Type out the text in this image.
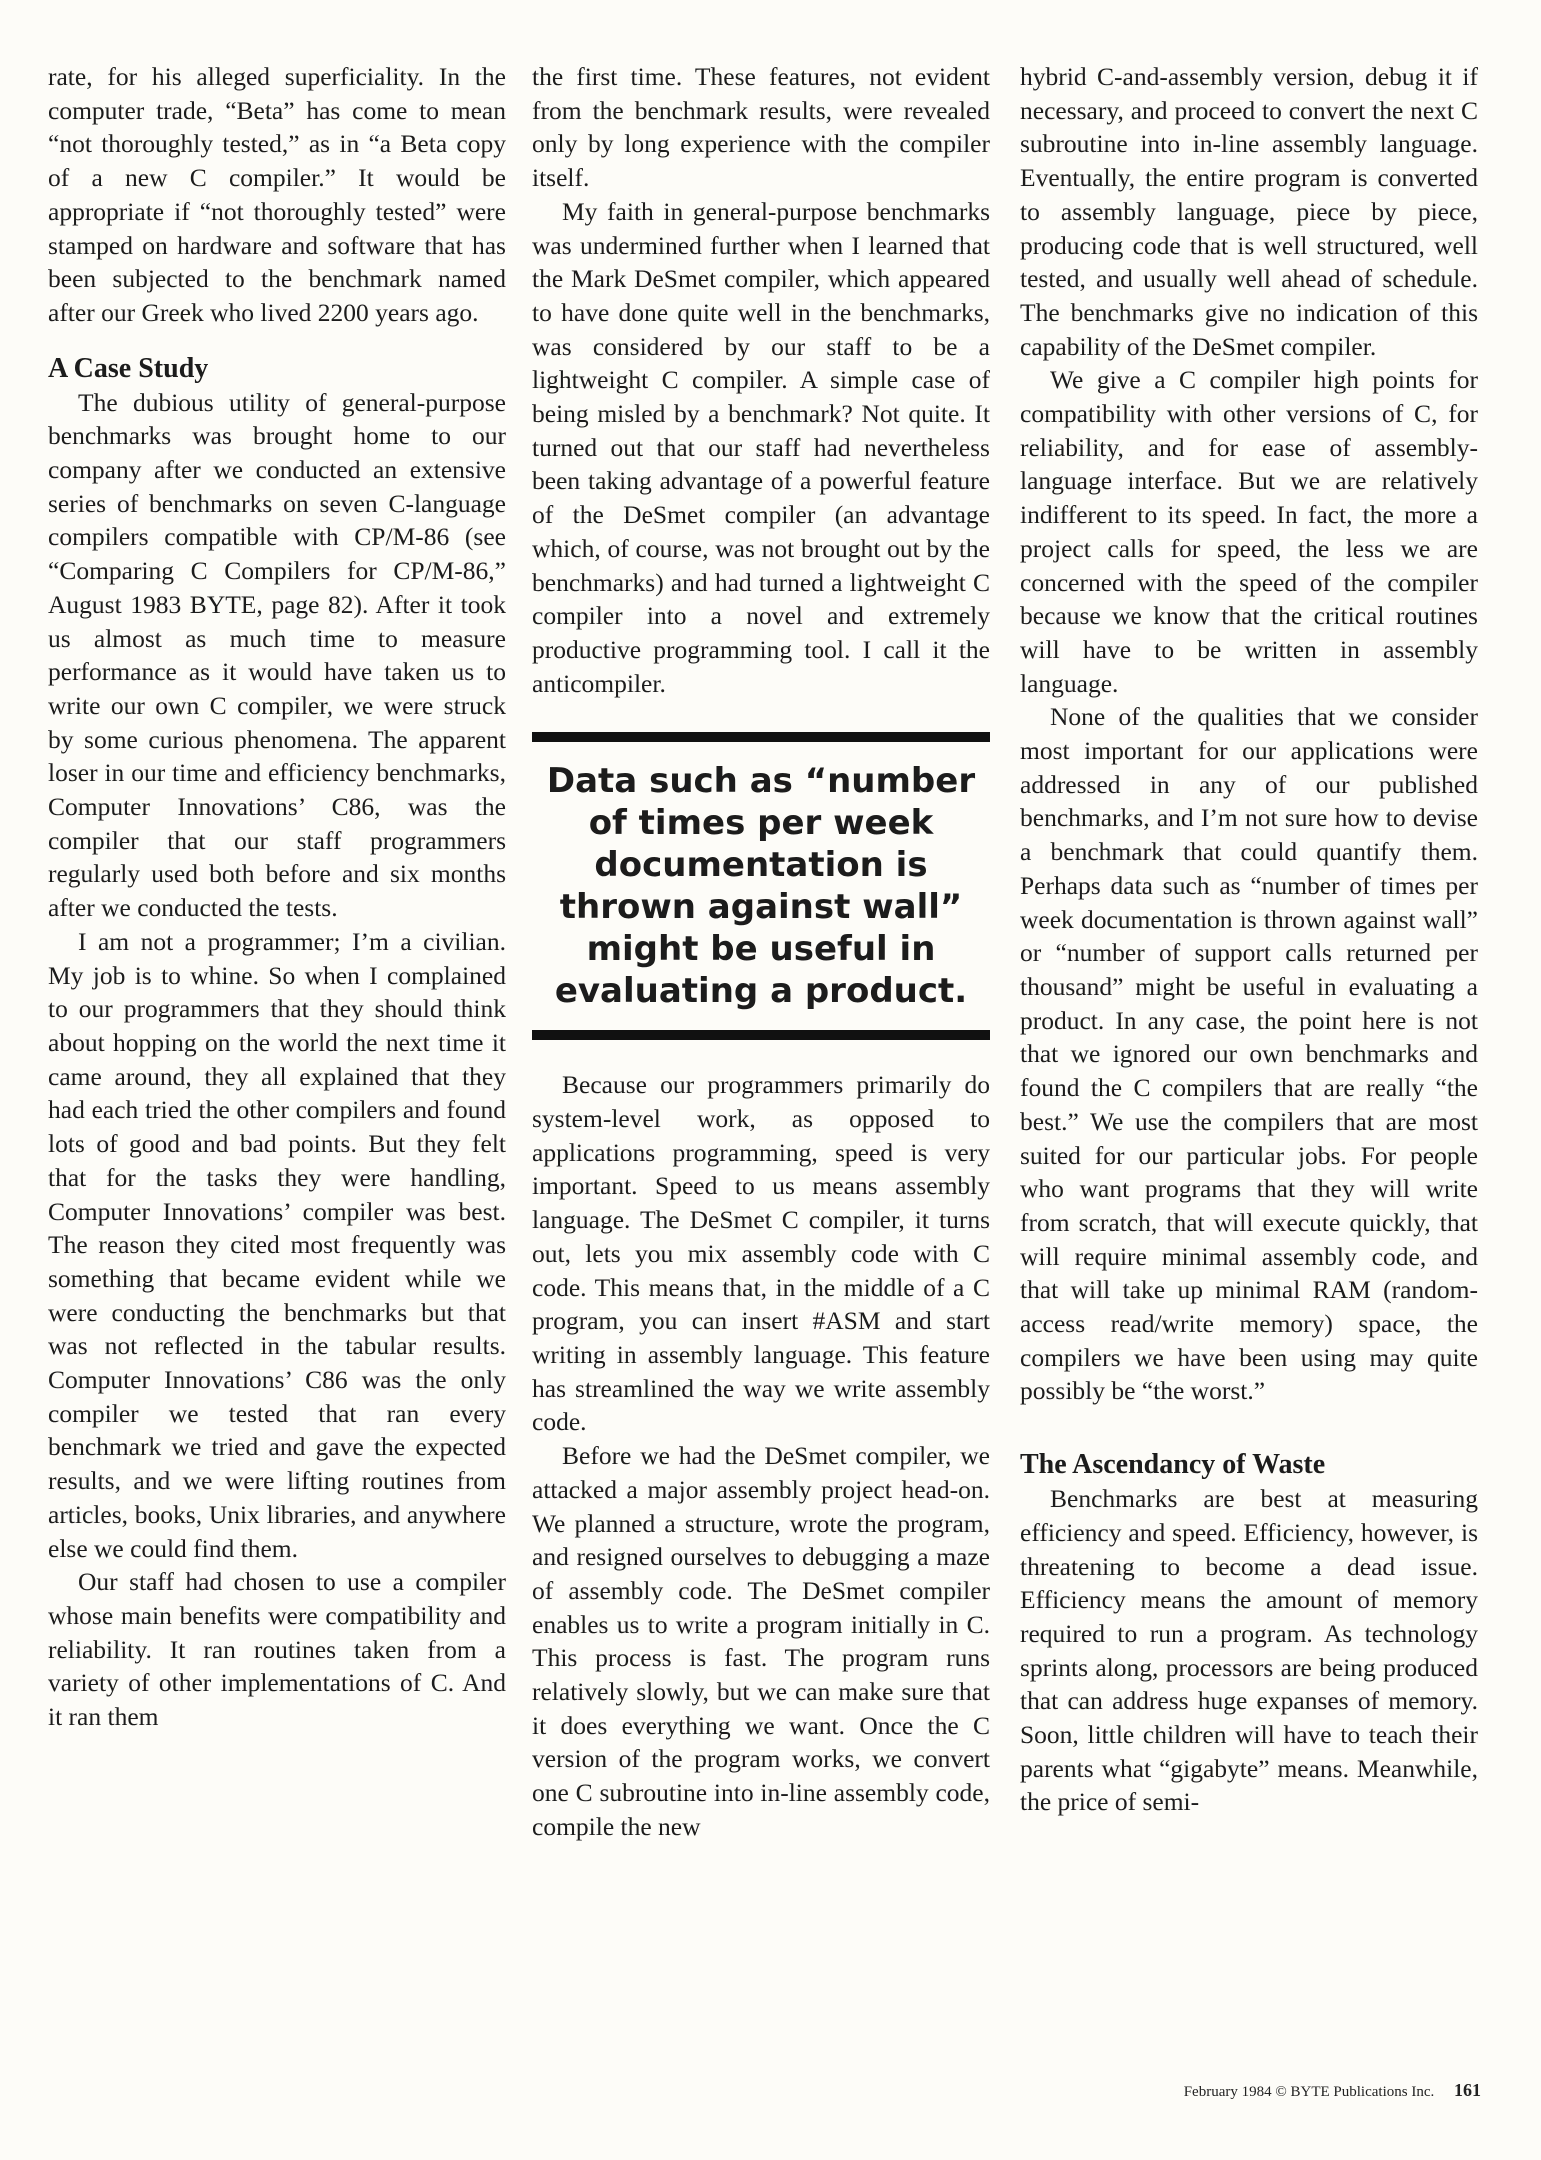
rate, for his alleged superficiality. In the computer trade, “Beta” has come to mean “not thoroughly tested,” as in “a Beta copy of a new C compiler.” It would be appropriate if “not thoroughly tested” were stamped on hardware and software that has been subjected to the benchmark named after our Greek who lived 2200 years ago.

A Case Study

The dubious utility of general-purpose benchmarks was brought home to our company after we conducted an extensive series of benchmarks on seven C-language compilers compatible with CP/M-86 (see “Comparing C Compilers for CP/M-86,” August 1983 BYTE, page 82). After it took us almost as much time to measure performance as it would have taken us to write our own C compiler, we were struck by some curious phenomena. The apparent loser in our time and efficiency benchmarks, Computer Innovations’ C86, was the compiler that our staff programmers regularly used both before and six months after we conducted the tests.

I am not a programmer; I’m a civilian. My job is to whine. So when I complained to our programmers that they should think about hopping on the world the next time it came around, they all explained that they had each tried the other compilers and found lots of good and bad points. But they felt that for the tasks they were handling, Computer Innovations’ compiler was best. The reason they cited most frequently was something that became evident while we were conducting the benchmarks but that was not reflected in the tabular results. Computer Innovations’ C86 was the only compiler we tested that ran every benchmark we tried and gave the expected results, and we were lifting routines from articles, books, Unix libraries, and anywhere else we could find them.

Our staff had chosen to use a compiler whose main benefits were compatibility and reliability. It ran routines taken from a variety of other implementations of C. And it ran them

the first time. These features, not evident from the benchmark results, were revealed only by long experience with the compiler itself.

My faith in general-purpose benchmarks was undermined further when I learned that the Mark DeSmet compiler, which appeared to have done quite well in the benchmarks, was considered by our staff to be a lightweight C compiler. A simple case of being misled by a benchmark? Not quite. It turned out that our staff had nevertheless been taking advantage of a powerful feature of the DeSmet compiler (an advantage which, of course, was not brought out by the benchmarks) and had turned a lightweight C compiler into a novel and extremely productive programming tool. I call it the anticompiler.

Data such as “number of times per week documentation is thrown against wall” might be useful in evaluating a product.

Because our programmers primarily do system-level work, as opposed to applications programming, speed is very important. Speed to us means assembly language. The DeSmet C compiler, it turns out, lets you mix assembly code with C code. This means that, in the middle of a C program, you can insert #ASM and start writing in assembly language. This feature has streamlined the way we write assembly code.

Before we had the DeSmet compiler, we attacked a major assembly project head-on. We planned a structure, wrote the program, and resigned ourselves to debugging a maze of assembly code. The DeSmet compiler enables us to write a program initially in C. This process is fast. The program runs relatively slowly, but we can make sure that it does everything we want. Once the C version of the program works, we convert one C subroutine into in-line assembly code, compile the new

hybrid C-and-assembly version, debug it if necessary, and proceed to convert the next C subroutine into in-line assembly language. Eventually, the entire program is converted to assembly language, piece by piece, producing code that is well structured, well tested, and usually well ahead of schedule. The benchmarks give no indication of this capability of the DeSmet compiler.

We give a C compiler high points for compatibility with other versions of C, for reliability, and for ease of assembly-language interface. But we are relatively indifferent to its speed. In fact, the more a project calls for speed, the less we are concerned with the speed of the compiler because we know that the critical routines will have to be written in assembly language.

None of the qualities that we consider most important for our applications were addressed in any of our published benchmarks, and I’m not sure how to devise a benchmark that could quantify them. Perhaps data such as “number of times per week documentation is thrown against wall” or “number of support calls returned per thousand” might be useful in evaluating a product. In any case, the point here is not that we ignored our own benchmarks and found the C compilers that are really “the best.” We use the compilers that are most suited for our particular jobs. For people who want programs that they will write from scratch, that will execute quickly, that will require minimal assembly code, and that will take up minimal RAM (random-access read/write memory) space, the compilers we have been using may quite possibly be “the worst.”

The Ascendancy of Waste

Benchmarks are best at measuring efficiency and speed. Efficiency, however, is threatening to become a dead issue. Efficiency means the amount of memory required to run a program. As technology sprints along, processors are being produced that can address huge expanses of memory. Soon, little children will have to teach their parents what “gigabyte” means. Meanwhile, the price of semi-

February 1984 © BYTE Publications Inc. 161
